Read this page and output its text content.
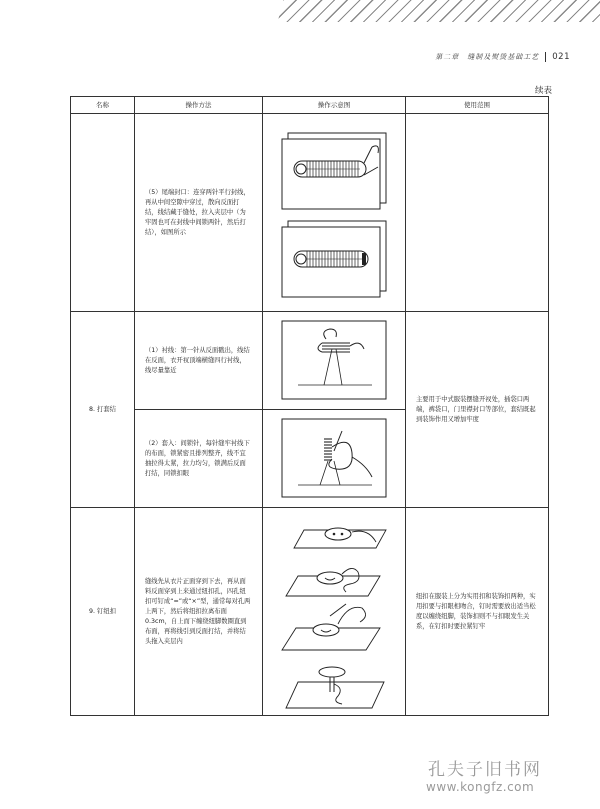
第二章　缝制及熨烫基础工艺 021
续表
名称	操作方法	操作示意图	使用范围
	（5）尾端封口：连穿两针平行封线，再从中间空隙中穿过，散向反面打结，线结藏于缝处，拉入夹层中（为牢固也可在封线中间锁两针，然后打结），如图所示	

8. 打套结	（1）衬线：第一针从反面戳出，线结在反面，衣开衩顶端横缝四行衬线，线尽量靠近		主要用于中式服装摆缝开衩处，插袋口两端，裤袋口，门里襟封口等部位，套结既起到装饰作用又增加牢度
	（2）套入：间锁针，每针缝牢衬线下的布面，锁紧密且排列整齐，线不宜抽拉得太紧，拉力均匀，锁满后反面打结，同锁扣眼	

9. 钉纽扣	缝线先从衣片正面穿到下去，再从面料反面穿到上来通过纽扣孔，四孔纽扣可钉成“=”或“×”型，通常每对孔两上两下，然后将纽扣拉离布面0.3cm，自上而下缠绕纽脚数圈直到布面，再将线引到反面打结，并将结头拖入夹层内		纽扣在服装上分为实用扣和装饰扣两种，实用扣要与扣眼相吻合，钉时需要放出适当松度以缠绕纽脚，装饰扣则不与扣眼发生关系，在钉扣时要拉紧钉牢
孔夫子旧书网
www.kongfz.com
